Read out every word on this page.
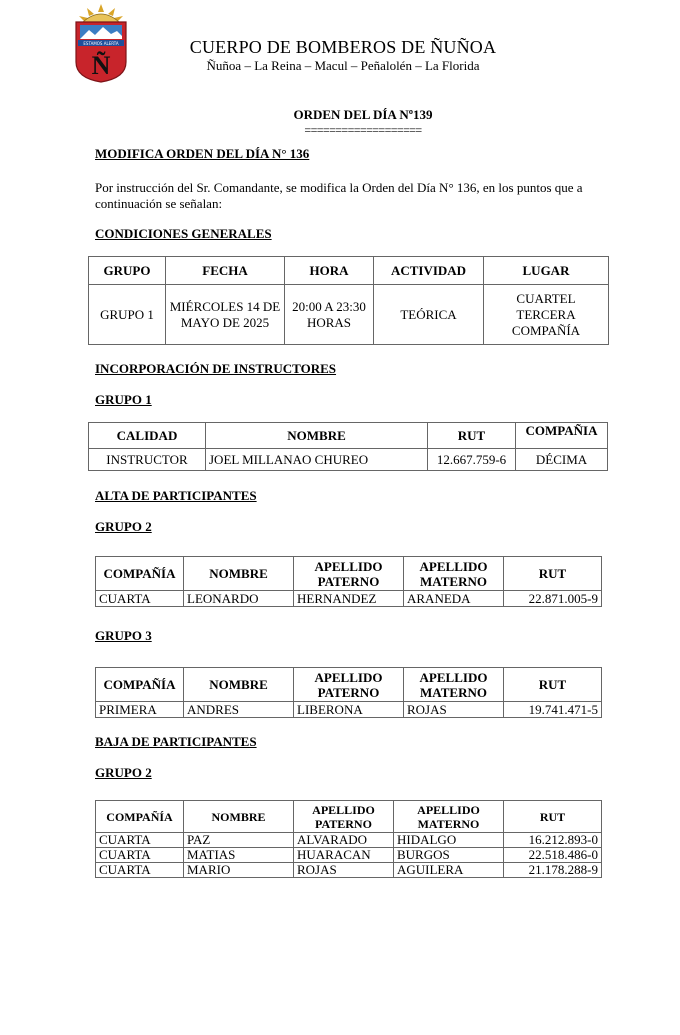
ESTAMOS ALERTA
Ñ
CUERPO DE BOMBEROS DE ÑUÑOA
Ñuñoa – La Reina – Macul – Peñalolén – La Florida
ORDEN DEL DÍA Nº139
===================
MODIFICA ORDEN DEL DÍA N° 136
Por instrucción del Sr. Comandante, se modifica la Orden del Día N° 136, en los puntos que a continuación se señalan:
CONDICIONES GENERALES
GRUPO	FECHA	HORA	ACTIVIDAD	LUGAR
GRUPO 1	MIÉRCOLES 14 DE MAYO DE 2025	20:00 A 23:30 HORAS	TEÓRICA	CUARTEL TERCERA COMPAÑÍA
INCORPORACIÓN DE INSTRUCTORES
GRUPO 1
CALIDAD	NOMBRE	RUT	COMPAÑIA
INSTRUCTOR	JOEL MILLANAO CHUREO	12.667.759-6	DÉCIMA
ALTA DE PARTICIPANTES
GRUPO 2
COMPAÑÍA	NOMBRE	APELLIDO PATERNO	APELLIDO MATERNO	RUT
CUARTA	LEONARDO	HERNANDEZ	ARANEDA	22.871.005-9
GRUPO 3
COMPAÑÍA	NOMBRE	APELLIDO PATERNO	APELLIDO MATERNO	RUT
PRIMERA	ANDRES	LIBERONA	ROJAS	19.741.471-5
BAJA DE PARTICIPANTES
GRUPO 2
COMPAÑÍA	NOMBRE	APELLIDO PATERNO	APELLIDO MATERNO	RUT
CUARTA	PAZ	ALVARADO	HIDALGO	16.212.893-0
CUARTA	MATIAS	HUARACAN	BURGOS	22.518.486-0
CUARTA	MARIO	ROJAS	AGUILERA	21.178.288-9
